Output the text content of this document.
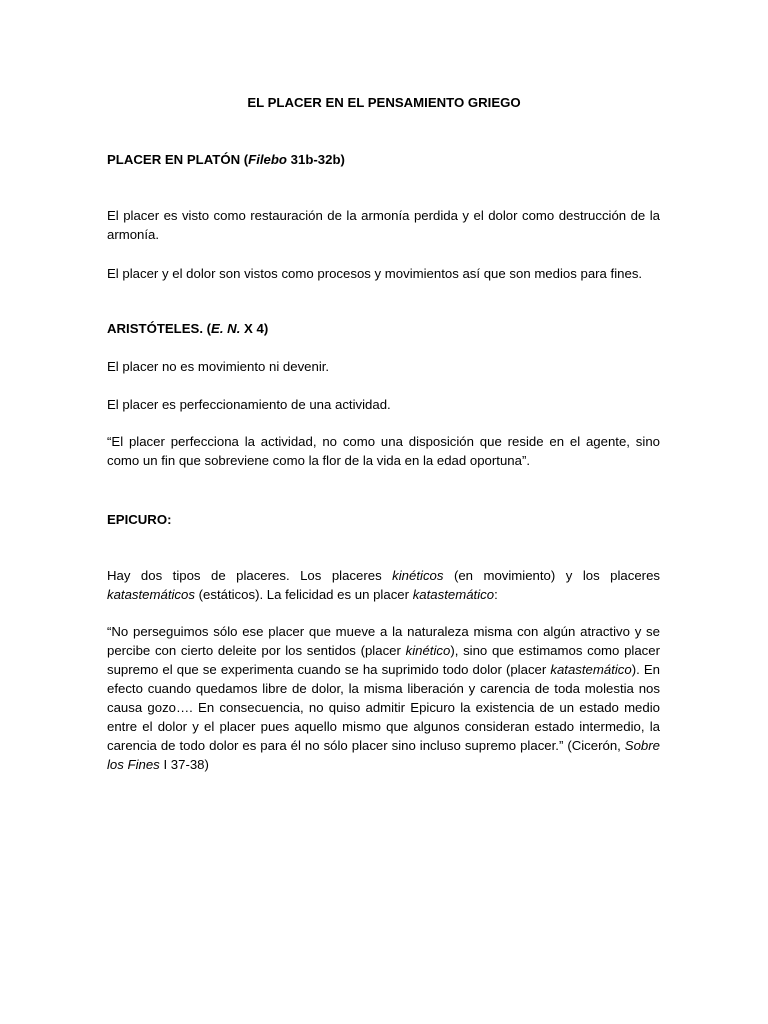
EL PLACER EN EL PENSAMIENTO GRIEGO
PLACER EN PLATÓN (Filebo 31b-32b)

El placer es visto como restauración de la armonía perdida y el dolor como destrucción de la armonía.

El placer y el dolor son vistos como procesos y movimientos así que son medios para fines.

ARISTÓTELES. (E. N. X 4)

El placer no es movimiento ni devenir.

El placer es perfeccionamiento de una actividad.

“El placer perfecciona la actividad, no como una disposición que reside en el agente, sino como un fin que sobreviene como la flor de la vida en la edad oportuna”.

EPICURO:

Hay dos tipos de placeres. Los placeres kinéticos (en movimiento) y los placeres katastemáticos (estáticos). La felicidad es un placer katastemático:

“No perseguimos sólo ese placer que mueve a la naturaleza misma con algún atractivo y se percibe con cierto deleite por los sentidos (placer kinético), sino que estimamos como placer supremo el que se experimenta cuando se ha suprimido todo dolor (placer katastemático). En efecto cuando quedamos libre de dolor, la misma liberación y carencia de toda molestia nos causa gozo…. En consecuencia, no quiso admitir Epicuro la existencia de un estado medio entre el dolor y el placer pues aquello mismo que algunos consideran estado intermedio, la carencia de todo dolor es para él no sólo placer sino incluso supremo placer.” (Cicerón, Sobre los Fines I 37-38)
